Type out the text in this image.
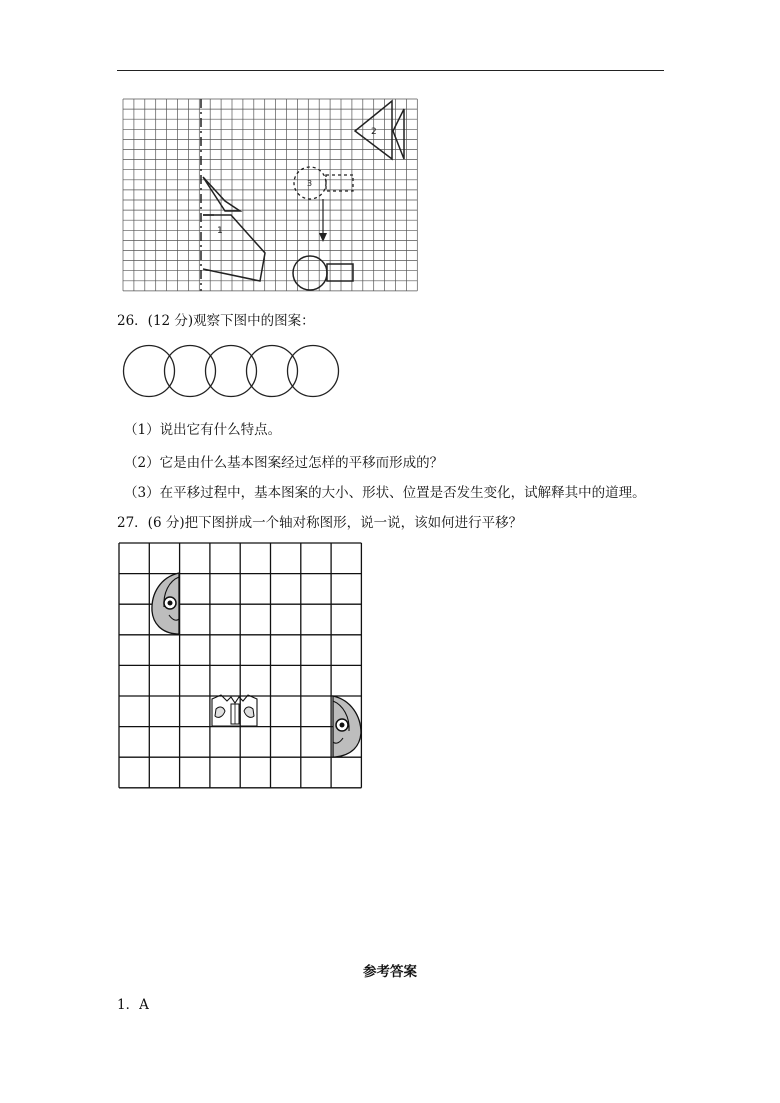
1
2
3
26．(12 分)观察下图中的图案：
（1）说出它有什么特点。
（2）它是由什么基本图案经过怎样的平移而形成的？
（3）在平移过程中，基本图案的大小、形状、位置是否发生变化，试解释其中的道理。
27．(6 分)把下图拼成一个轴对称图形，说一说，该如何进行平移？
参考答案
1．A
